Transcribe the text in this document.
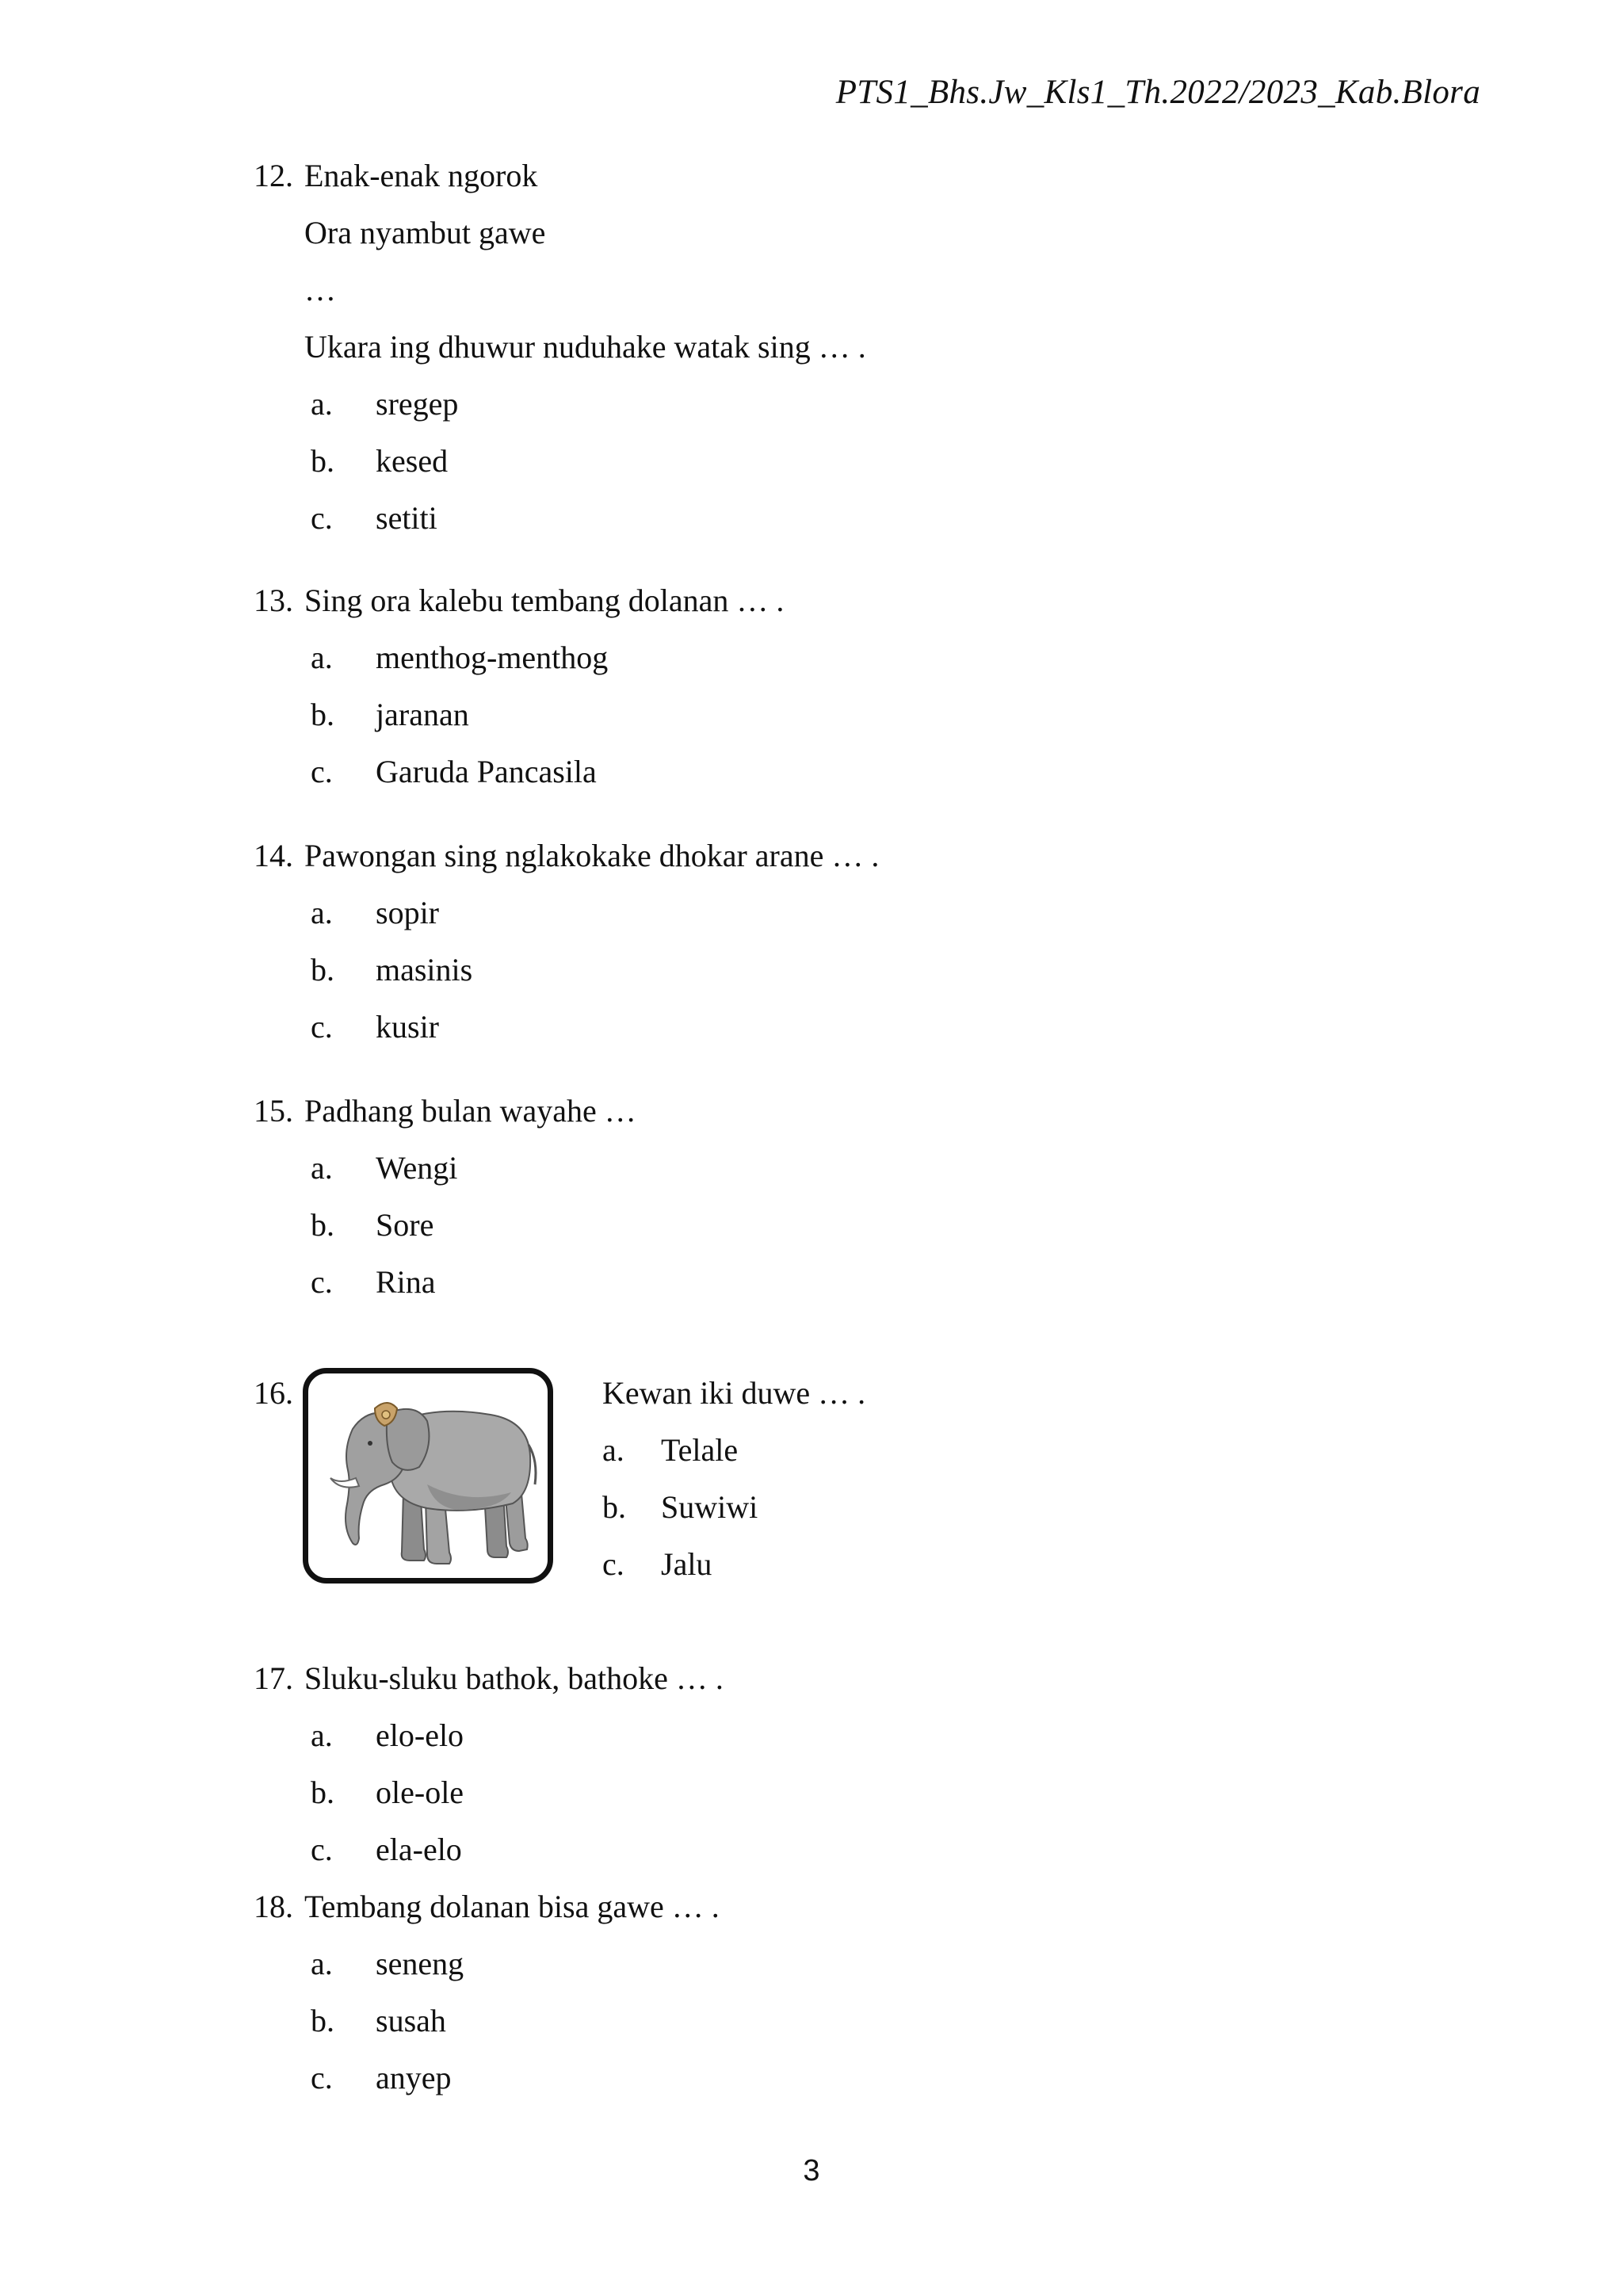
PTS1_Bhs.Jw_Kls1_Th.2022/2023_Kab.Blora
12. Enak-enak ngorok
Ora nyambut gawe
…
Ukara ing dhuwur nuduhake watak sing … .
a.	sregep
b.	kesed
c.	setiti
13. Sing ora kalebu tembang dolanan … .
a.	menthog-menthog
b.	jaranan
c.	Garuda Pancasila
14. Pawongan sing nglakokake dhokar arane … .
a.	sopir
b.	masinis
c.	kusir
15. Padhang bulan wayahe …
a.	Wengi
b.	Sore
c.	Rina
16.	Kewan iki duwe … .
a.	Telale
b.	Suwiwi
c.	Jalu
17. Sluku-sluku bathok, bathoke … .
a.	elo-elo
b.	ole-ole
c.	ela-elo
18. Tembang dolanan bisa gawe … .
a.	seneng
b.	susah
c.	anyep
3
